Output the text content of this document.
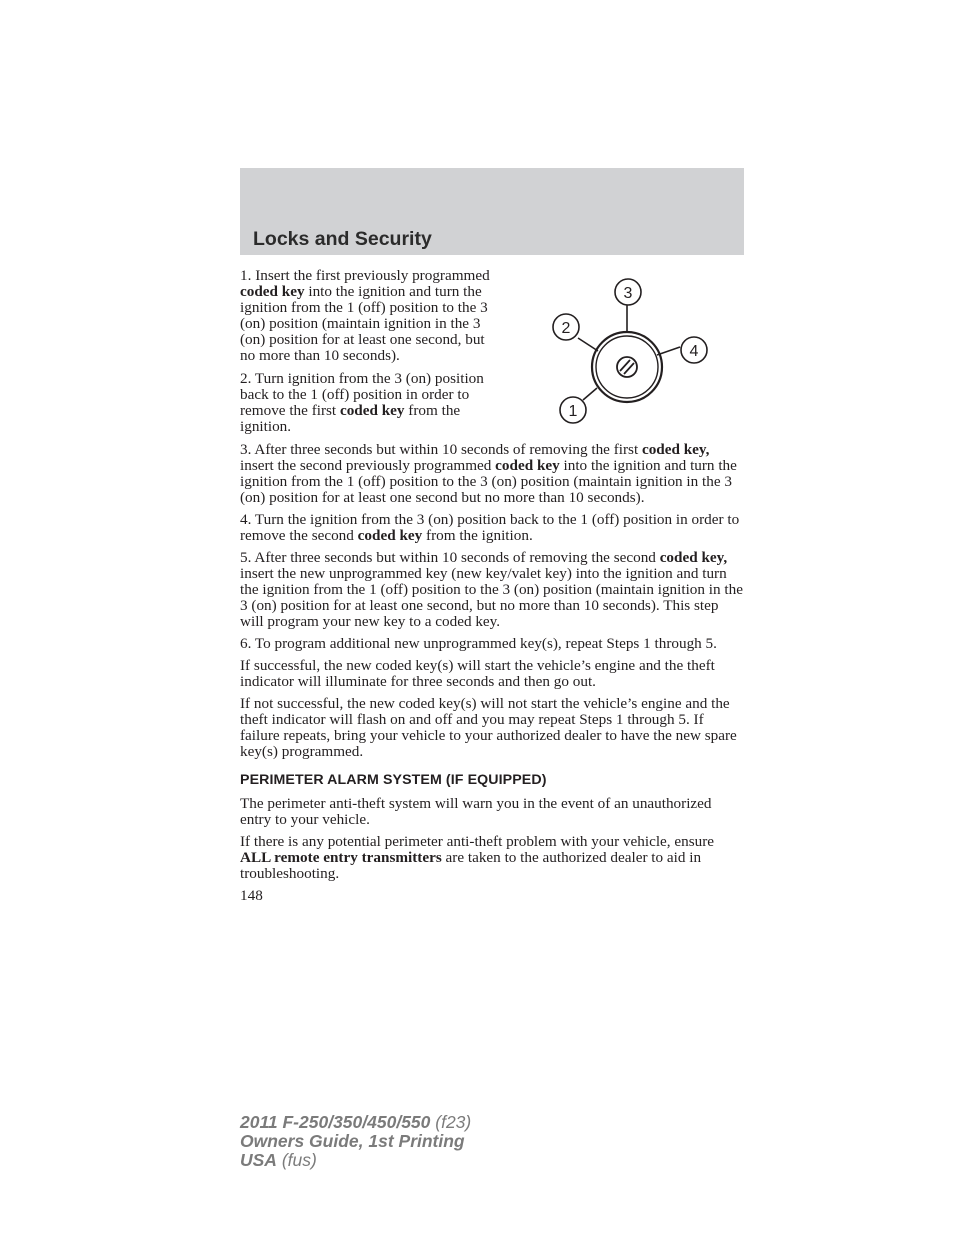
Locks and Security
3
2
4
1

1. Insert the first previously programmed coded key into the ignition and turn the ignition from the 1 (off) position to the 3 (on) position (maintain ignition in the 3 (on) position for at least one second, but no more than 10 seconds).

2. Turn ignition from the 3 (on) position back to the 1 (off) position in order to remove the first coded key from the ignition.

3. After three seconds but within 10 seconds of removing the first coded key, insert the second previously programmed coded key into the ignition and turn the ignition from the 1 (off) position to the 3 (on) position (maintain ignition in the 3 (on) position for at least one second but no more than 10 seconds).

4. Turn the ignition from the 3 (on) position back to the 1 (off) position in order to remove the second coded key from the ignition.

5. After three seconds but within 10 seconds of removing the second coded key, insert the new unprogrammed key (new key/valet key) into the ignition and turn the ignition from the 1 (off) position to the 3 (on) position (maintain ignition in the 3 (on) position for at least one second, but no more than 10 seconds). This step will program your new key to a coded key.

6. To program additional new unprogrammed key(s), repeat Steps 1 through 5.

If successful, the new coded key(s) will start the vehicle’s engine and the theft indicator will illuminate for three seconds and then go out.

If not successful, the new coded key(s) will not start the vehicle’s engine and the theft indicator will flash on and off and you may repeat Steps 1 through 5. If failure repeats, bring your vehicle to your authorized dealer to have the new spare key(s) programmed.

PERIMETER ALARM SYSTEM (IF EQUIPPED)

The perimeter anti-theft system will warn you in the event of an unauthorized entry to your vehicle.

If there is any potential perimeter anti-theft problem with your vehicle, ensure ALL remote entry transmitters are taken to the authorized dealer to aid in troubleshooting.

148
2011 F-250/350/450/550 (f23)
Owners Guide, 1st Printing
USA (fus)
